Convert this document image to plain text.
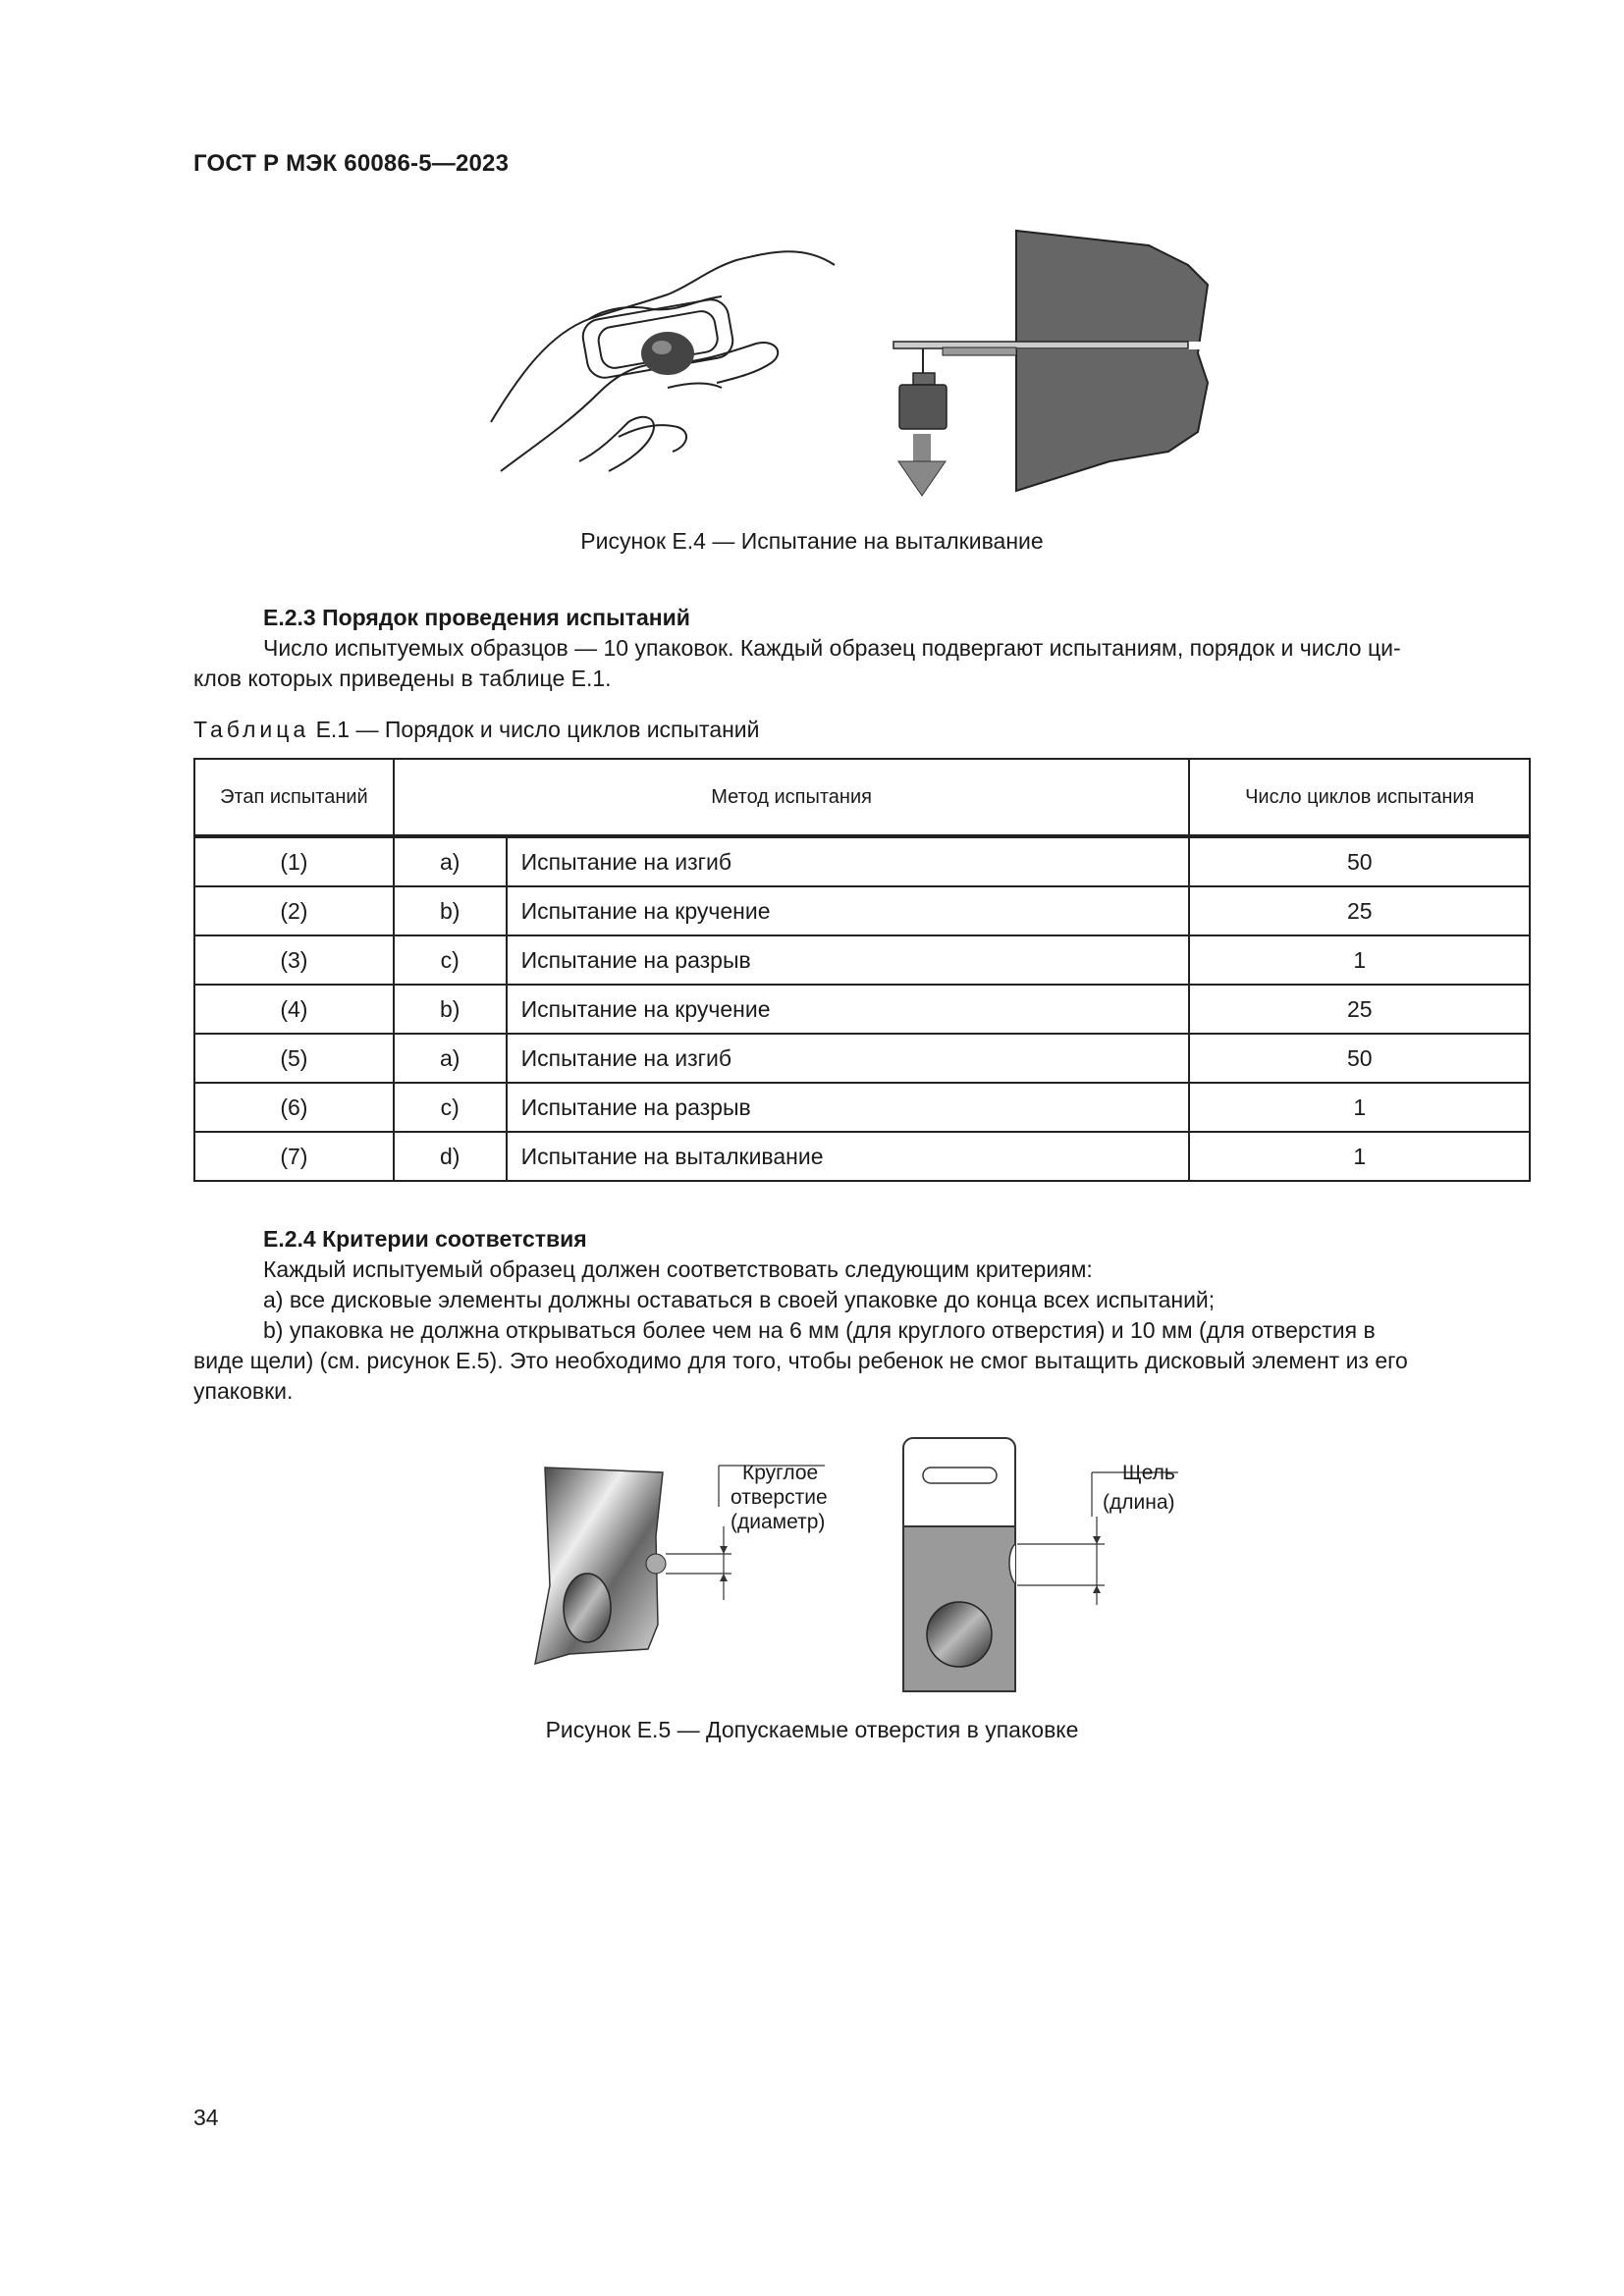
ГОСТ Р МЭК 60086-5—2023
Рисунок Е.4 — Испытание на выталкивание
Е.2.3 Порядок проведения испытаний
Число испытуемых образцов — 10 упаковок. Каждый образец подвергают испытаниям, порядок и число ци-
клов которых приведены в таблице Е.1.
Таблица Е.1 — Порядок и число циклов испытаний
Этап испытаний	Метод испытания		Число циклов испытания
(1)	а)	Испытание на изгиб	50
(2)	b)	Испытание на кручение	25
(3)	с)	Испытание на разрыв	1
(4)	b)	Испытание на кручение	25
(5)	а)	Испытание на изгиб	50
(6)	с)	Испытание на разрыв	1
(7)	d)	Испытание на выталкивание	1
Е.2.4 Критерии соответствия
Каждый испытуемый образец должен соответствовать следующим критериям:
а) все дисковые элементы должны оставаться в своей упаковке до конца всех испытаний;
b) упаковка не должна открываться более чем на 6 мм (для круглого отверстия) и 10 мм (для отверстия в
виде щели) (см. рисунок Е.5). Это необходимо для того, чтобы ребенок не смог вытащить дисковый элемент из его
упаковки.
Круглое
отверстие
(диаметр)
Щель
(длина)
Рисунок Е.5 — Допускаемые отверстия в упаковке
34
